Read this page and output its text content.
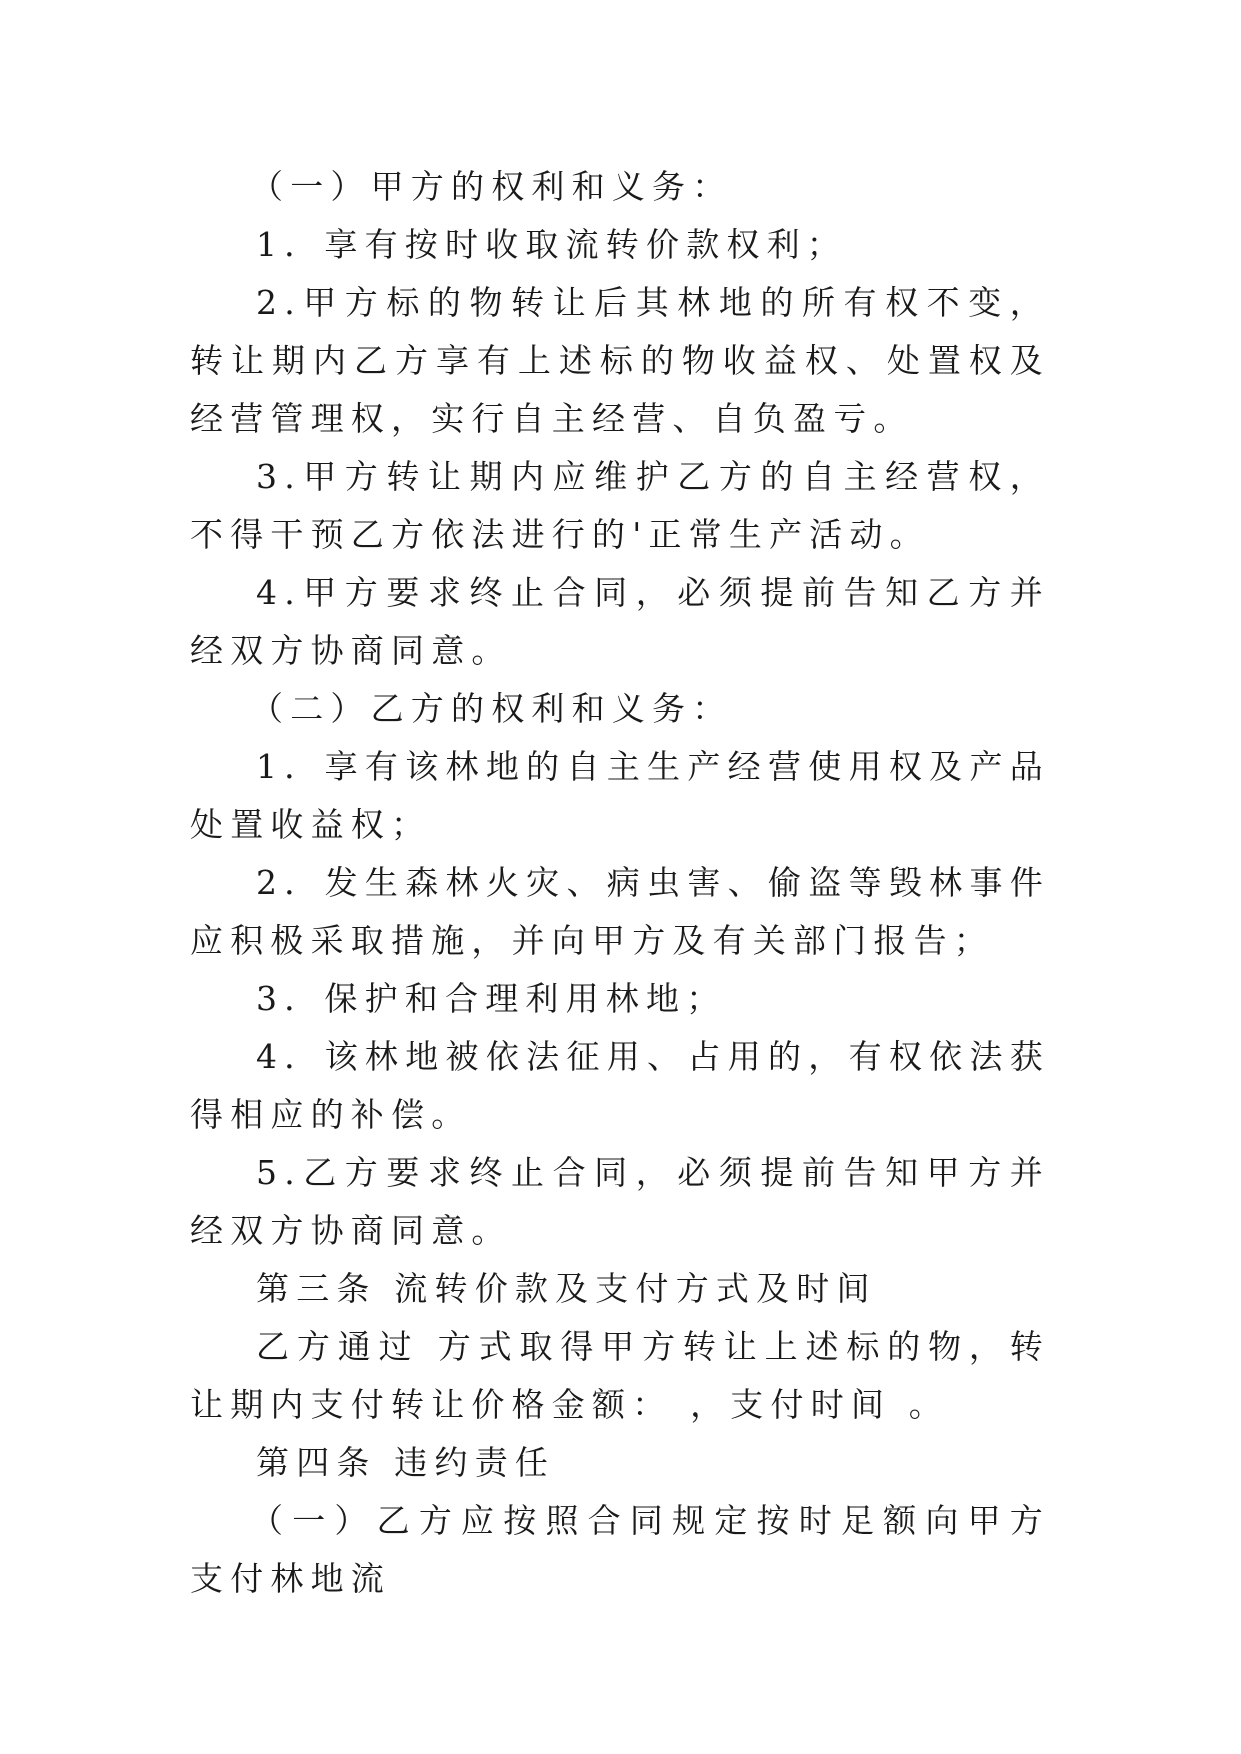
（一）甲方的权利和义务：

1．享有按时收取流转价款权利；

2.甲方标的物转让后其林地的所有权不变，转让期内乙方享有上述标的物收益权、处置权及经营管理权，实行自主经营、自负盈亏。

3.甲方转让期内应维护乙方的自主经营权，不得干预乙方依法进行的'正常生产活动。

4.甲方要求终止合同，必须提前告知乙方并经双方协商同意。

（二）乙方的权利和义务：

1．享有该林地的自主生产经营使用权及产品处置收益权；

2．发生森林火灾、病虫害、偷盗等毁林事件应积极采取措施，并向甲方及有关部门报告；

3．保护和合理利用林地；

4．该林地被依法征用、占用的，有权依法获得相应的补偿。

5.乙方要求终止合同，必须提前告知甲方并经双方协商同意。

第三条 流转价款及支付方式及时间

乙方通过 方式取得甲方转让上述标的物，转让期内支付转让价格金额： ，支付时间 。

第四条 违约责任

（一）乙方应按照合同规定按时足额向甲方支付林地流
